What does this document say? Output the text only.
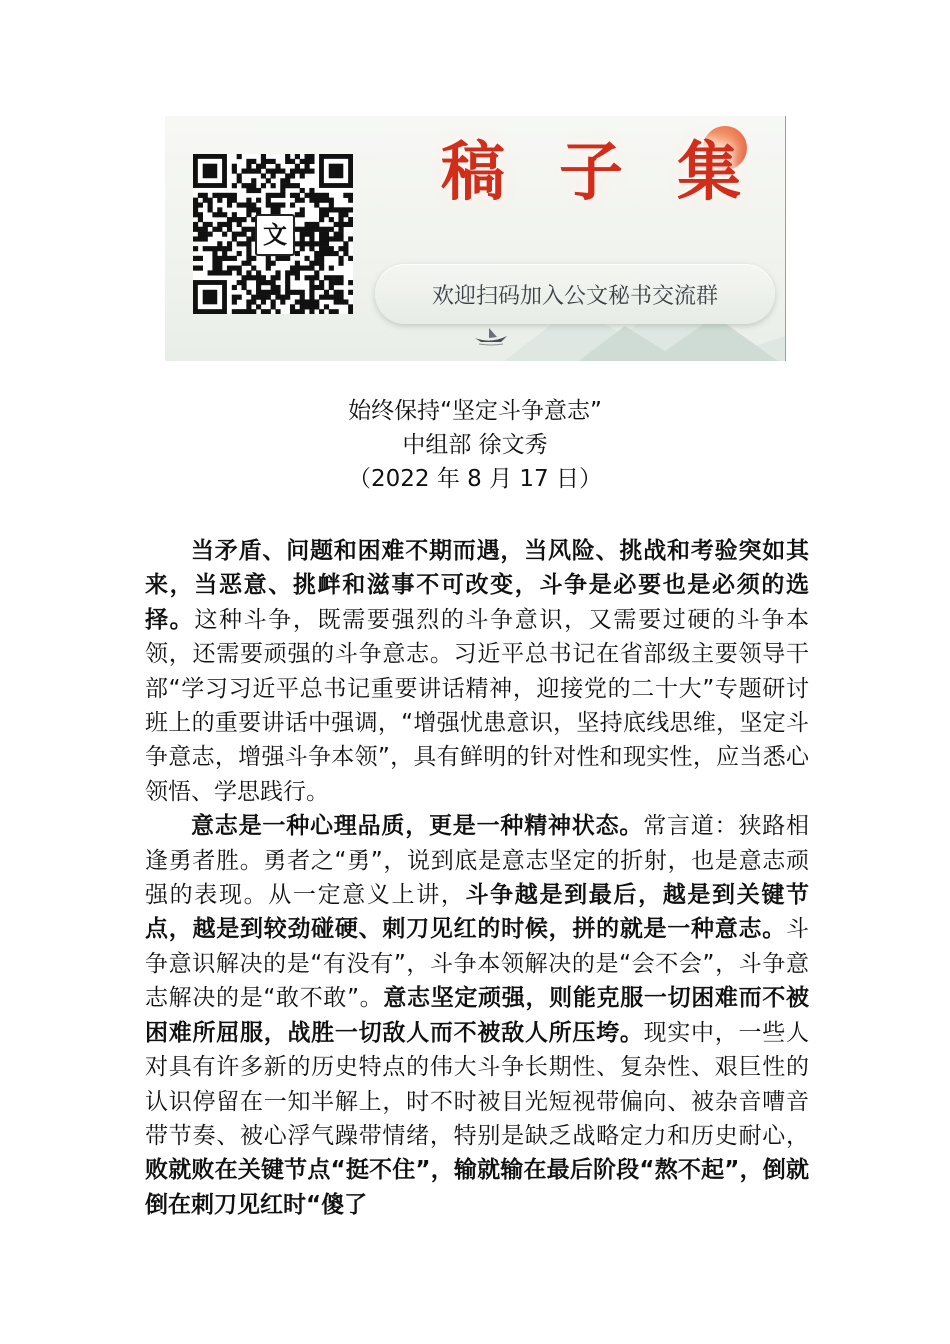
文
稿 子 集
欢迎扫码加入公文秘书交流群
始终保持“坚定斗争意志”
中组部 徐文秀
（2022 年 8 月 17 日）

当矛盾、问题和困难不期而遇，当风险、挑战和考验突如其来，当恶意、挑衅和滋事不可改变，斗争是必要也是必须的选择。这种斗争，既需要强烈的斗争意识，又需要过硬的斗争本领，还需要顽强的斗争意志。习近平总书记在省部级主要领导干部“学习习近平总书记重要讲话精神，迎接党的二十大”专题研讨班上的重要讲话中强调，“增强忧患意识，坚持底线思维，坚定斗争意志，增强斗争本领”，具有鲜明的针对性和现实性，应当悉心领悟、学思践行。

意志是一种心理品质，更是一种精神状态。常言道：狭路相逢勇者胜。勇者之“勇”，说到底是意志坚定的折射，也是意志顽强的表现。从一定意义上讲，斗争越是到最后，越是到关键节点，越是到较劲碰硬、刺刀见红的时候，拼的就是一种意志。斗争意识解决的是“有没有”，斗争本领解决的是“会不会”，斗争意志解决的是“敢不敢”。意志坚定顽强，则能克服一切困难而不被困难所屈服，战胜一切敌人而不被敌人所压垮。现实中，一些人对具有许多新的历史特点的伟大斗争长期性、复杂性、艰巨性的认识停留在一知半解上，时不时被目光短视带偏向、被杂音嘈音带节奏、被心浮气躁带情绪，特别是缺乏战略定力和历史耐心，败就败在关键节点“挺不住”，输就输在最后阶段“熬不起”，倒就倒在刺刀见红时“傻了
